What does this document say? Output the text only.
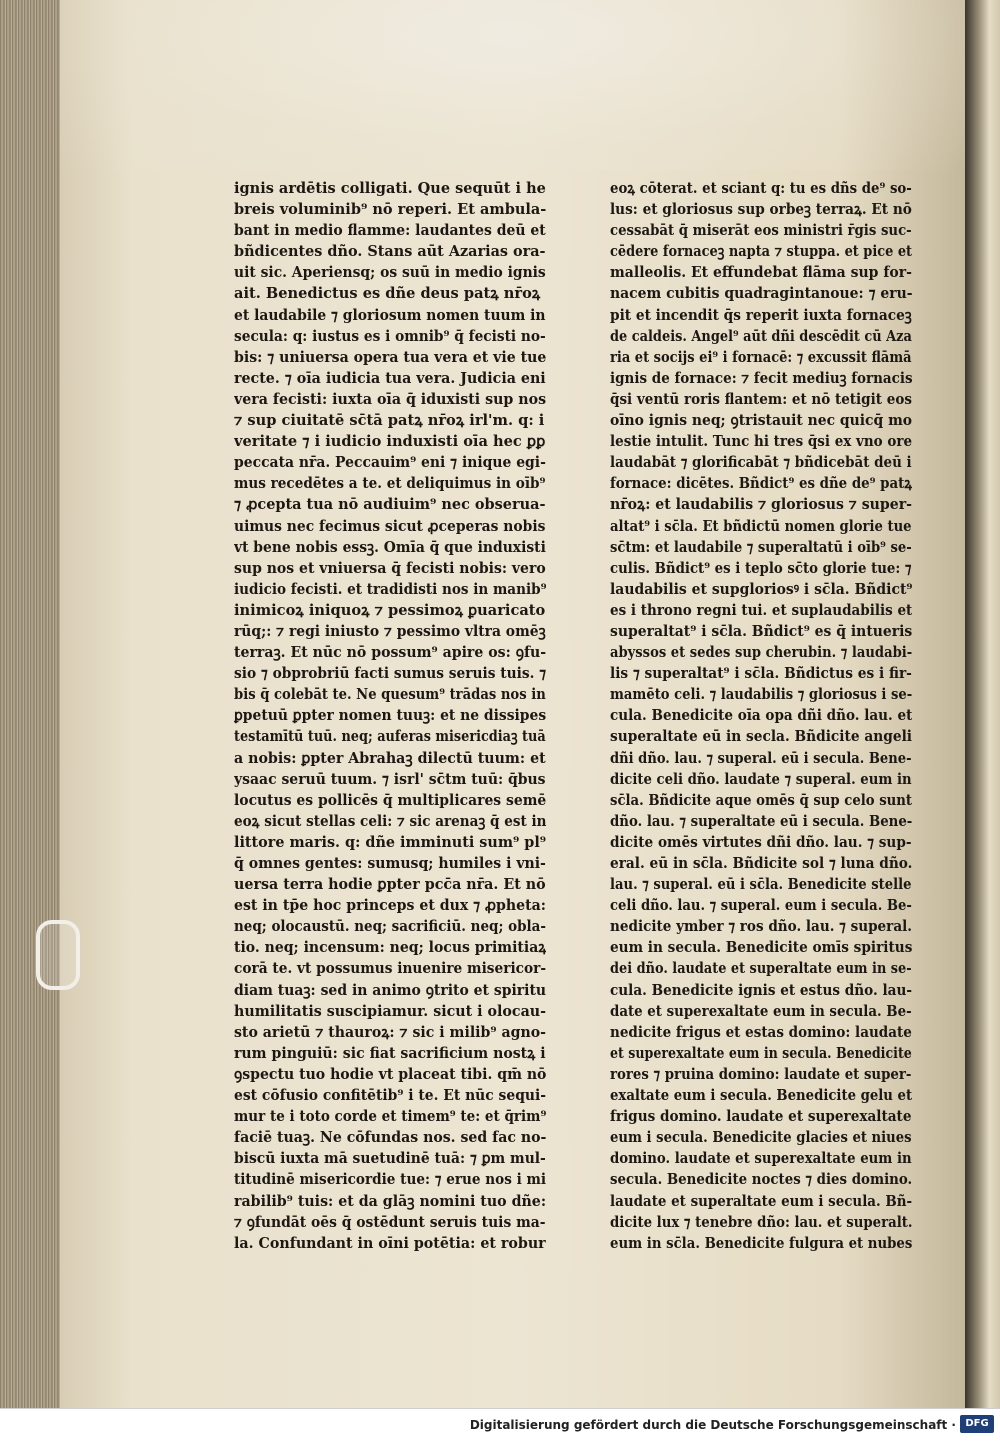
ignis ardētis colligati. Que sequūt i he
breis voluminib⁹ nō reperi. Et ambula-
bant in medio flamme: laudantes deū et
bñdicentes dño. Stans aūt Azarias ora-
uit sic. Aperiensq; os suū in medio ignis
ait. Benedictus es dñe deus patꝝ nr̄oꝝ
et laudabile ⁊ gloriosum nomen tuum in
secula: q: iustus es i omnib⁹ q̄ fecisti no-
bis: ⁊ uniuersa opera tua vera et vie tue
recte. ⁊ oīa iudicia tua vera. Judicia eni
vera fecisti: iuxta oīa q̄ iduxisti sup nos
⁊ sup ciuitatē sc̄tā patꝝ nr̄oꝝ irl'm. q: i
veritate ⁊ i iudicio induxisti oīa hec ꝑꝑ
peccata nr̄a. Peccauim⁹ eni ⁊ inique egi-
mus recedētes a te. et deliquimus in oīb⁹
⁊ ꝓcepta tua nō audiuim⁹ nec obserua-
uimus nec fecimus sicut ꝓceperas nobis
vt bene nobis essꝫ. Omīa q̄ que induxisti
sup nos et vniuersa q̄ fecisti nobis: vero
iudicio fecisti. et tradidisti nos in manib⁹
inimicoꝝ iniquoꝝ ⁊ pessimoꝝ ꝑuaricato
rūq;: ⁊ regi iniusto ⁊ pessimo vltra omēꝫ
terraꝫ. Et nūc nō possum⁹ apire os: ꝯfu-
sio ⁊ obprobriū facti sumus seruis tuis. ⁊
bis q̄ colebāt te. Ne quesum⁹ trādas nos in
ꝑpetuū ꝑpter nomen tuuꝫ: et ne dissipes
testamītū tuū. neq; auferas misericdiaꝫ tuā
a nobis: ꝑpter Abrahaꝫ dilectū tuum: et
ysaac seruū tuum. ⁊ isrl' sc̄tm tuū: q̄bus
locutus es pollicēs q̄ multiplicares semē
eoꝝ sicut stellas celi: ⁊ sic arenaꝫ q̄ est in
littore maris. q: dñe imminuti sum⁹ pl⁹
q̄ omnes gentes: sumusq; humiles i vni-
uersa terra hodie ꝑpter pcc̄a nr̄a. Et nō
est in tp̄e hoc princeps et dux ⁊ ꝓpheta:
neq; olocaustū. neq; sacrificiū. neq; obla-
tio. neq; incensum: neq; locus primitiaꝝ
corā te. vt possumus inuenire misericor-
diam tuaꝫ: sed in animo ꝯtrito et spiritu
humilitatis suscipiamur. sicut i olocau-
sto arietū ⁊ thauroꝝ: ⁊ sic i milib⁹ agno-
rum pinguiū: sic fiat sacrificium nostꝝ i
ꝯspectu tuo hodie vt placeat tibi. qm̄ nō
est cōfusio confitētib⁹ i te. Et nūc sequi-
mur te i toto corde et timem⁹ te: et q̄rim⁹
faciē tuaꝫ. Ne cōfundas nos. sed fac no-
biscū iuxta mā suetudinē tuā: ⁊ ꝑm mul-
titudinē misericordie tue: ⁊ erue nos i mi
rabilib⁹ tuis: et da glāꝫ nomini tuo dñe:
⁊ ꝯfundāt oēs q̄ ostēdunt seruis tuis ma-
la. Confundant in oīni potētia: et robur
eoꝝ cōterat. et sciant q: tu es dñs de⁹ so-
lus: et gloriosus sup orbeꝫ terraꝝ. Et nō
cessabāt q̄ miserāt eos ministri r̄gis suc-
cēdere fornaceꝫ napta ⁊ stuppa. et pice et
malleolis. Et effundebat flāma sup for-
nacem cubitis quadragintanoue: ⁊ eru-
pit et incendit q̄s reperit iuxta fornaceꝫ
de caldeis. Angel⁹ aūt dñi descēdit cū Aza
ria et socijs ei⁹ i fornacē: ⁊ excussit flāmā
ignis de fornace: ⁊ fecit mediuꝫ fornacis
q̄si ventū roris flantem: et nō tetigit eos
oīno ignis neq; ꝯtristauit nec quicq̄ mo
lestie intulit. Tunc hi tres q̄si ex vno ore
laudabāt ⁊ glorificabāt ⁊ bñdicebāt deū i
fornace: dicētes. Bñdict⁹ es dñe de⁹ patꝝ
nr̄oꝝ: et laudabilis ⁊ gloriosus ⁊ super-
altat⁹ i sc̄la. Et bñdictū nomen glorie tue
sc̄tm: et laudabile ⁊ superaltatū i oīb⁹ se-
culis. Bñdict⁹ es i teplo sc̄to glorie tue: ⁊
laudabilis et supgloriosꝰ i sc̄la. Bñdict⁹
es i throno regni tui. et suplaudabilis et
superaltat⁹ i sc̄la. Bñdict⁹ es q̄ intueris
abyssos et sedes sup cherubin. ⁊ laudabi-
lis ⁊ superaltat⁹ i sc̄la. Bñdictus es i fir-
mamēto celi. ⁊ laudabilis ⁊ gloriosus i se-
cula. Benedicite oīa opa dñi dño. lau. et
superaltate eū in secla. Bñdicite angeli
dñi dño. lau. ⁊ superal. eū i secula. Bene-
dicite celi dño. laudate ⁊ superal. eum in
sc̄la. Bñdicite aque omēs q̄ sup celo sunt
dño. lau. ⁊ superaltate eū i secula. Bene-
dicite omēs virtutes dñi dño. lau. ⁊ sup-
eral. eū in sc̄la. Bñdicite sol ⁊ luna dño.
lau. ⁊ superal. eū i sc̄la. Benedicite stelle
celi dño. lau. ⁊ superal. eum i secula. Be-
nedicite ymber ⁊ ros dño. lau. ⁊ superal.
eum in secula. Benedicite omīs spiritus
dei dño. laudate et superaltate eum in se-
cula. Benedicite ignis et estus dño. lau-
date et superexaltate eum in secula. Be-
nedicite frigus et estas domino: laudate
et superexaltate eum in secula. Benedicite
rores ⁊ pruina domino: laudate et super-
exaltate eum i secula. Benedicite gelu et
frigus domino. laudate et superexaltate
eum i secula. Benedicite glacies et niues
domino. laudate et superexaltate eum in
secula. Benedicite noctes ⁊ dies domino.
laudate et superaltate eum i secula. Bñ-
dicite lux ⁊ tenebre dño: lau. et superalt.
eum in sc̄la. Benedicite fulgura et nubes
Digitalisierung gefördert durch die Deutsche Forschungsgemeinschaft · DFG
